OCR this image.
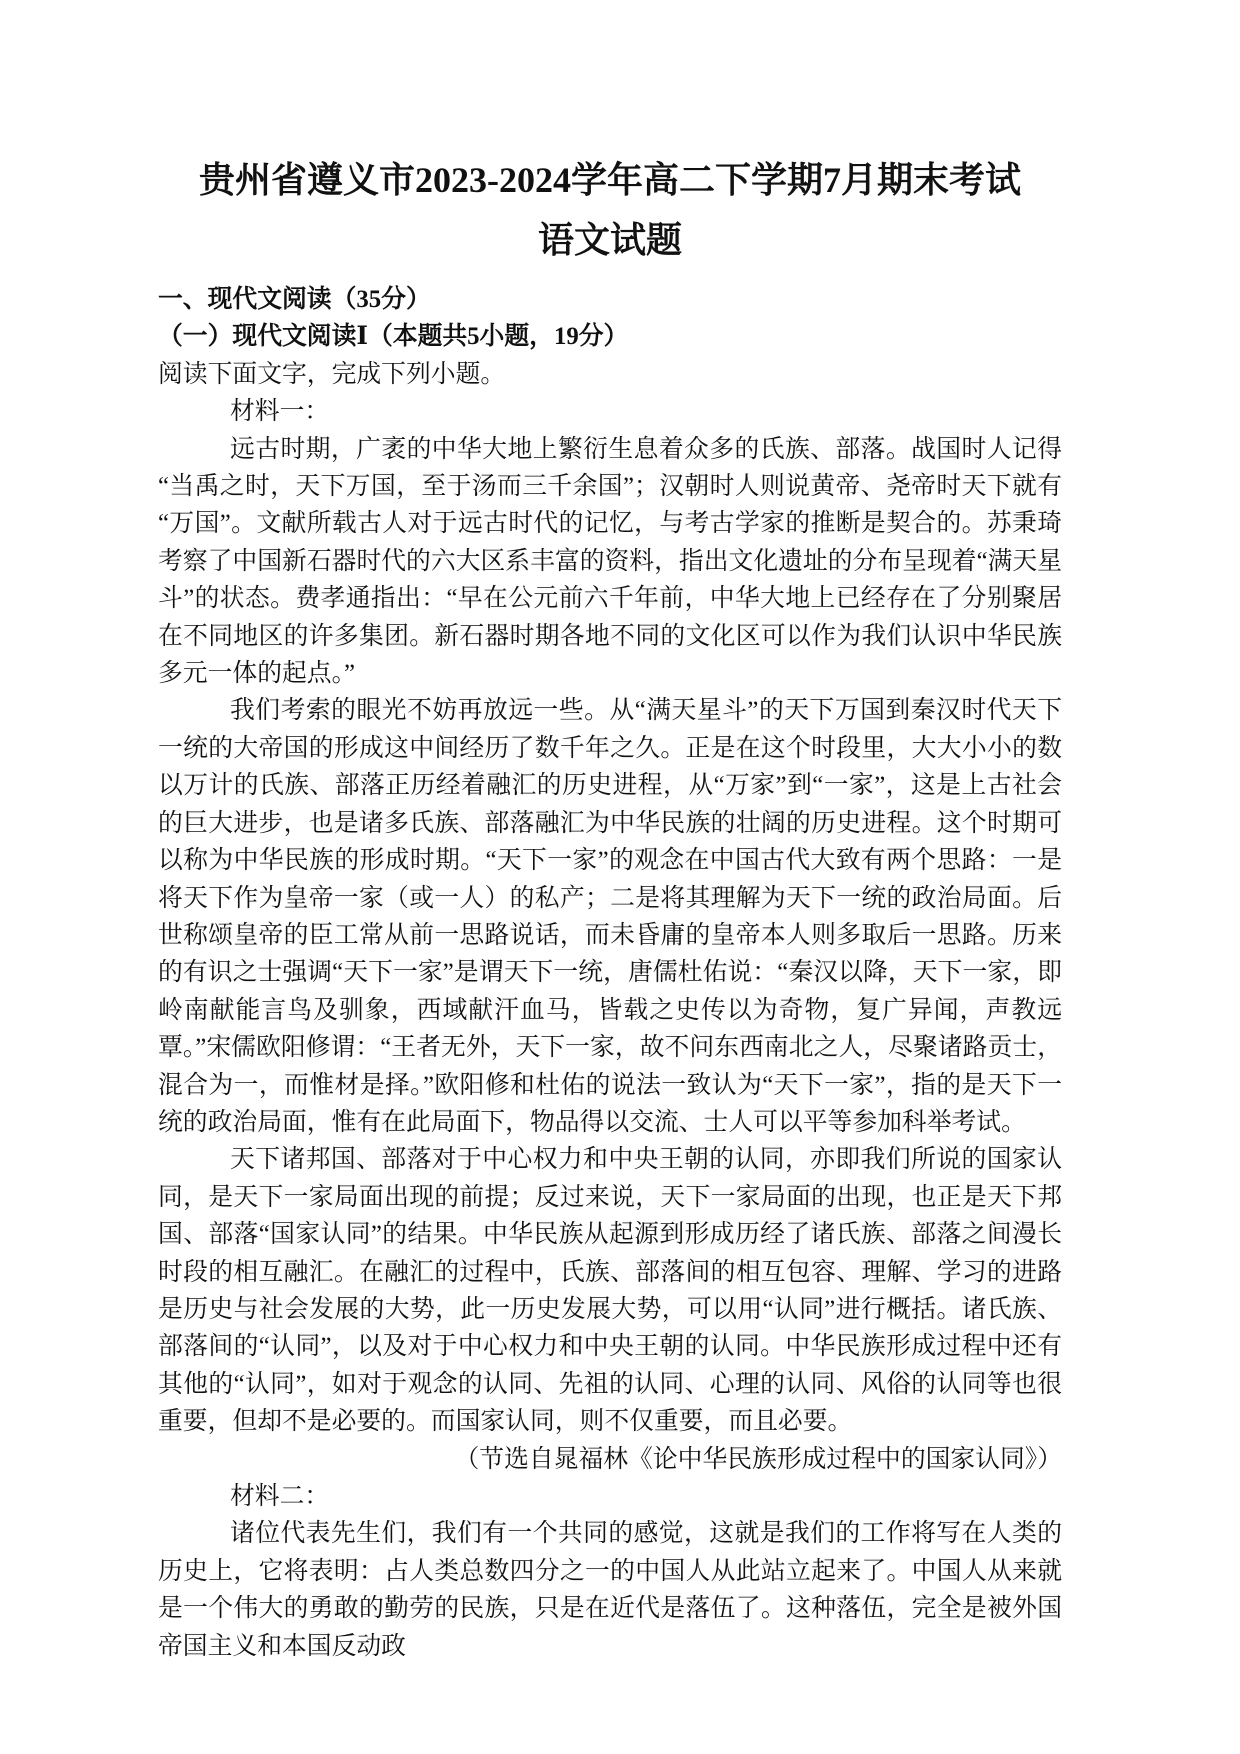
贵州省遵义市2023-2024学年高二下学期7月期末考试
语文试题
一、现代文阅读（35分）
（一）现代文阅读Ⅰ（本题共5小题，19分）
阅读下面文字，完成下列小题。
材料一：

远古时期，广袤的中华大地上繁衍生息着众多的氏族、部落。战国时人记得“当禹之时，天下万国，至于汤而三千余国”；汉朝时人则说黄帝、尧帝时天下就有“万国”。文献所载古人对于远古时代的记忆，与考古学家的推断是契合的。苏秉琦考察了中国新石器时代的六大区系丰富的资料，指出文化遗址的分布呈现着“满天星斗”的状态。费孝通指出：“早在公元前六千年前，中华大地上已经存在了分别聚居在不同地区的许多集团。新石器时期各地不同的文化区可以作为我们认识中华民族多元一体的起点。”

我们考索的眼光不妨再放远一些。从“满天星斗”的天下万国到秦汉时代天下一统的大帝国的形成这中间经历了数千年之久。正是在这个时段里，大大小小的数以万计的氏族、部落正历经着融汇的历史进程，从“万家”到“一家”，这是上古社会的巨大进步，也是诸多氏族、部落融汇为中华民族的壮阔的历史进程。这个时期可以称为中华民族的形成时期。“天下一家”的观念在中国古代大致有两个思路：一是将天下作为皇帝一家（或一人）的私产；二是将其理解为天下一统的政治局面。后世称颂皇帝的臣工常从前一思路说话，而未昏庸的皇帝本人则多取后一思路。历来的有识之士强调“天下一家”是谓天下一统，唐儒杜佑说：“秦汉以降，天下一家，即岭南献能言鸟及驯象，西域献汗血马，皆载之史传以为奇物，复广异闻，声教远覃。”宋儒欧阳修谓：“王者无外，天下一家，故不问东西南北之人，尽聚诸路贡士，混合为一，而惟材是择。”欧阳修和杜佑的说法一致认为“天下一家”，指的是天下一统的政治局面，惟有在此局面下，物品得以交流、士人可以平等参加科举考试。

天下诸邦国、部落对于中心权力和中央王朝的认同，亦即我们所说的国家认同，是天下一家局面出现的前提；反过来说，天下一家局面的出现，也正是天下邦国、部落“国家认同”的结果。中华民族从起源到形成历经了诸氏族、部落之间漫长时段的相互融汇。在融汇的过程中，氏族、部落间的相互包容、理解、学习的进路是历史与社会发展的大势，此一历史发展大势，可以用“认同”进行概括。诸氏族、部落间的“认同”，以及对于中心权力和中央王朝的认同。中华民族形成过程中还有其他的“认同”，如对于观念的认同、先祖的认同、心理的认同、风俗的认同等也很重要，但却不是必要的。而国家认同，则不仅重要，而且必要。

（节选自晁福林《论中华民族形成过程中的国家认同》）
材料二：

诸位代表先生们，我们有一个共同的感觉，这就是我们的工作将写在人类的历史上，它将表明：占人类总数四分之一的中国人从此站立起来了。中国人从来就是一个伟大的勇敢的勤劳的民族，只是在近代是落伍了。这种落伍，完全是被外国帝国主义和本国反动政
